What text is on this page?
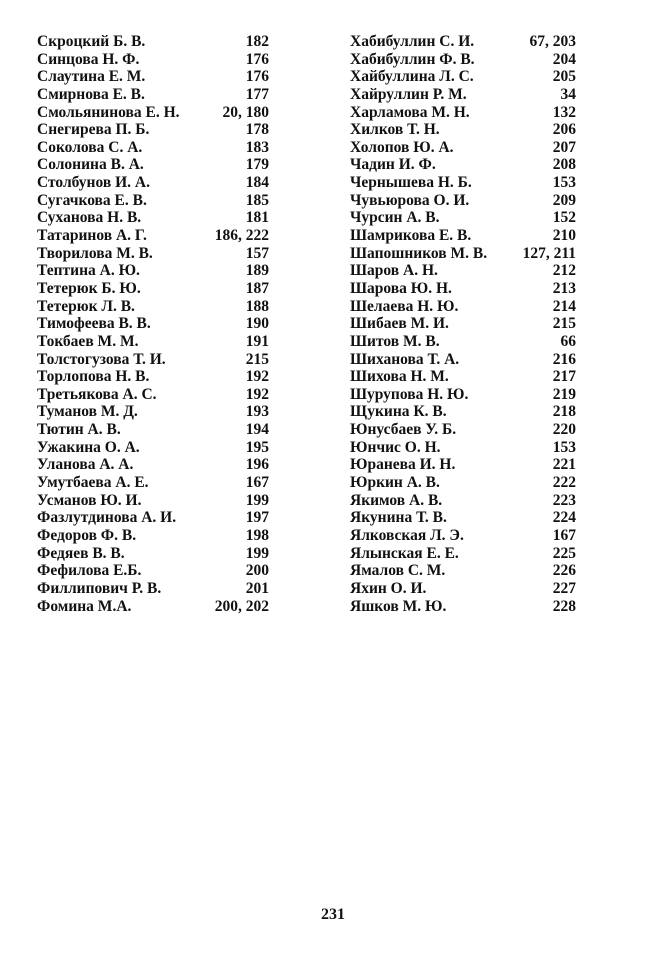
Скроцкий Б. В.	182
Синцова Н. Ф.	176
Слаутина Е. М.	176
Смирнова Е. В.	177
Смольянинова Е. Н.	20, 180
Снегирева П. Б.	178
Соколова С. А.	183
Солонина В. А.	179
Столбунов И. А.	184
Сугачкова Е. В.	185
Суханова Н. В.	181
Татаринов А. Г.	186, 222
Творилова М. В.	157
Тептина А. Ю.	189
Тетерюк Б. Ю.	187
Тетерюк Л. В.	188
Тимофеева В. В.	190
Токбаев М. М.	191
Толстогузова Т. И.	215
Торлопова Н. В.	192
Третьякова А. С.	192
Туманов М. Д.	193
Тютин А. В.	194
Ужакина О. А.	195
Уланова А. А.	196
Умутбаева А. Е.	167
Усманов Ю. И.	199
Фазлутдинова А. И.	197
Федоров Ф. В.	198
Федяев В. В.	199
Фефилова Е.Б.	200
Филлипович Р. В.	201
Фомина М.А.	200, 202
Хабибуллин С. И.	67, 203
Хабибуллин Ф. В.	204
Хайбуллина Л. С.	205
Хайруллин Р. М.	34
Харламова М. Н.	132
Хилков Т. Н.	206
Холопов Ю. А.	207
Чадин И. Ф.	208
Чернышева Н. Б.	153
Чувьюрова О. И.	209
Чурсин А. В.	152
Шамрикова Е. В.	210
Шапошников М. В.	127, 211
Шаров А. Н.	212
Шарова Ю. Н.	213
Шелаева Н. Ю.	214
Шибаев М. И.	215
Шитов М. В.	66
Шиханова Т. А.	216
Шихова Н. М.	217
Шурупова Н. Ю.	219
Щукина К. В.	218
Юнусбаев У. Б.	220
Юнчис О. Н.	153
Юранева И. Н.	221
Юркин А. В.	222
Якимов А. В.	223
Якунина Т. В.	224
Ялковская Л. Э.	167
Ялынская Е. Е.	225
Ямалов С. М.	226
Яхин О. И.	227
Яшков М. Ю.	228
231
